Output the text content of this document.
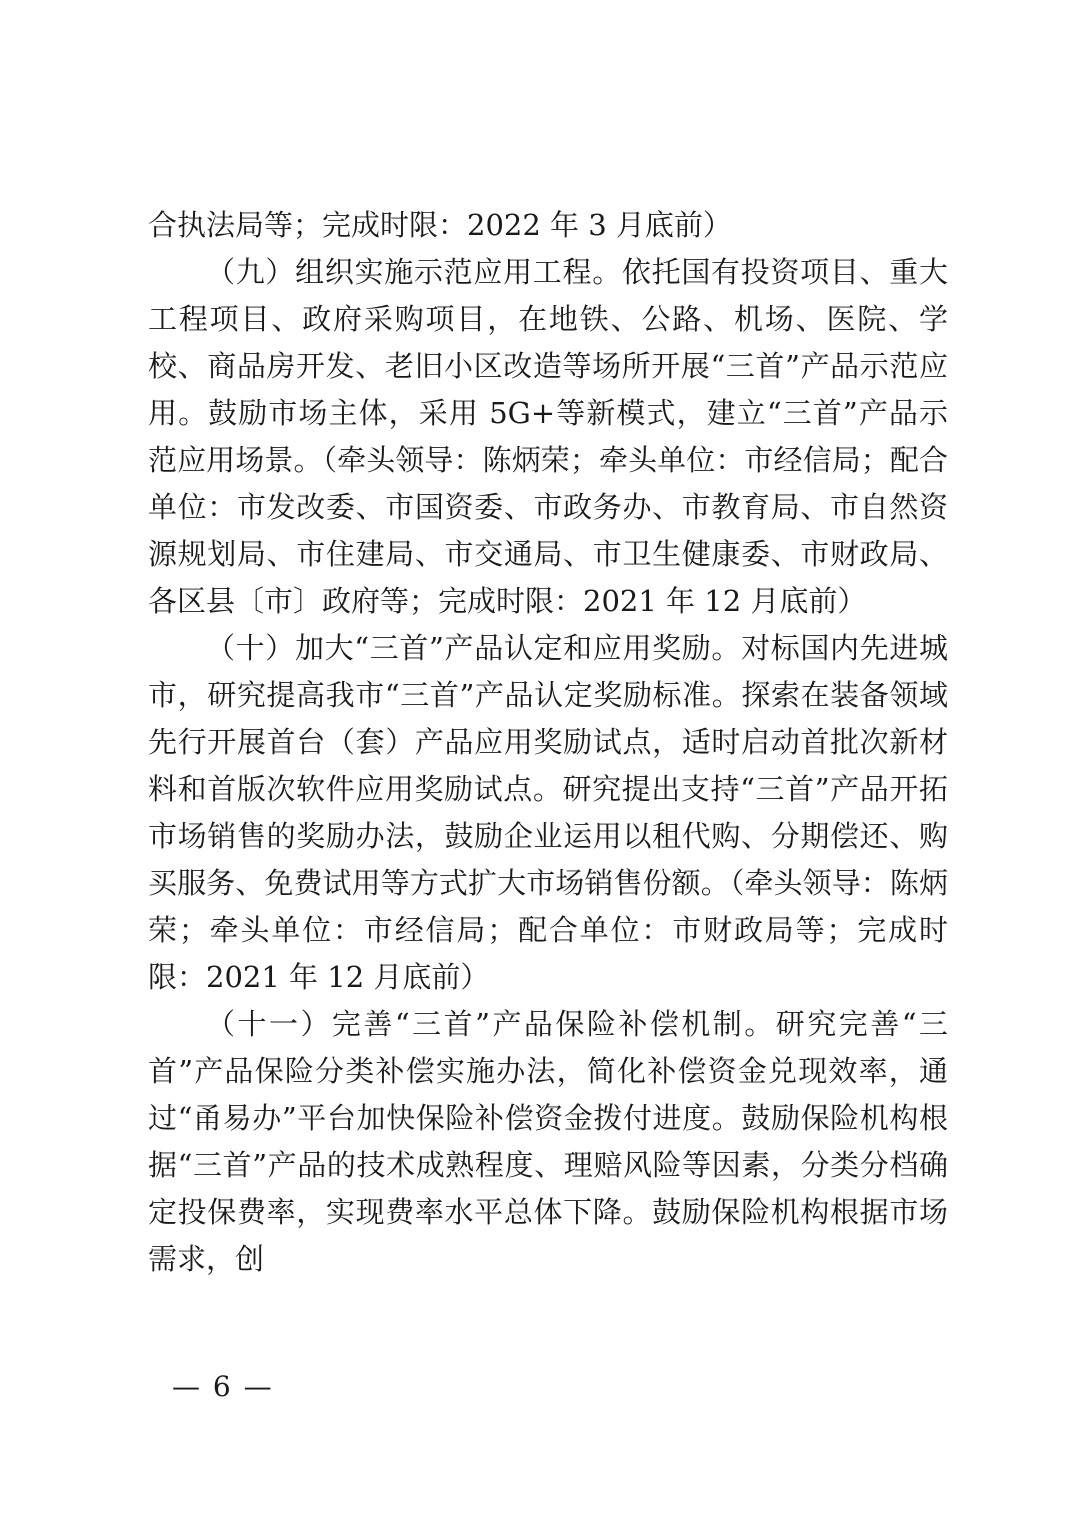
合执法局等；完成时限：2022 年 3 月底前）

（九）组织实施示范应用工程。依托国有投资项目、重大工程项目、政府采购项目，在地铁、公路、机场、医院、学校、商品房开发、老旧小区改造等场所开展“三首”产品示范应用。鼓励市场主体，采用 5G+等新模式，建立“三首”产品示范应用场景。（牵头领导：陈炳荣；牵头单位：市经信局；配合单位：市发改委、市国资委、市政务办、市教育局、市自然资源规划局、市住建局、市交通局、市卫生健康委、市财政局、各区县〔市〕政府等；完成时限：2021 年 12 月底前）

（十）加大“三首”产品认定和应用奖励。对标国内先进城市，研究提高我市“三首”产品认定奖励标准。探索在装备领域先行开展首台（套）产品应用奖励试点，适时启动首批次新材料和首版次软件应用奖励试点。研究提出支持“三首”产品开拓市场销售的奖励办法，鼓励企业运用以租代购、分期偿还、购买服务、免费试用等方式扩大市场销售份额。（牵头领导：陈炳荣；牵头单位：市经信局；配合单位：市财政局等；完成时限：2021 年 12 月底前）

（十一）完善“三首”产品保险补偿机制。研究完善“三首”产品保险分类补偿实施办法，简化补偿资金兑现效率，通过“甬易办”平台加快保险补偿资金拨付进度。鼓励保险机构根据“三首”产品的技术成熟程度、理赔风险等因素，分类分档确定投保费率，实现费率水平总体下降。鼓励保险机构根据市场需求，创

— 6 —
